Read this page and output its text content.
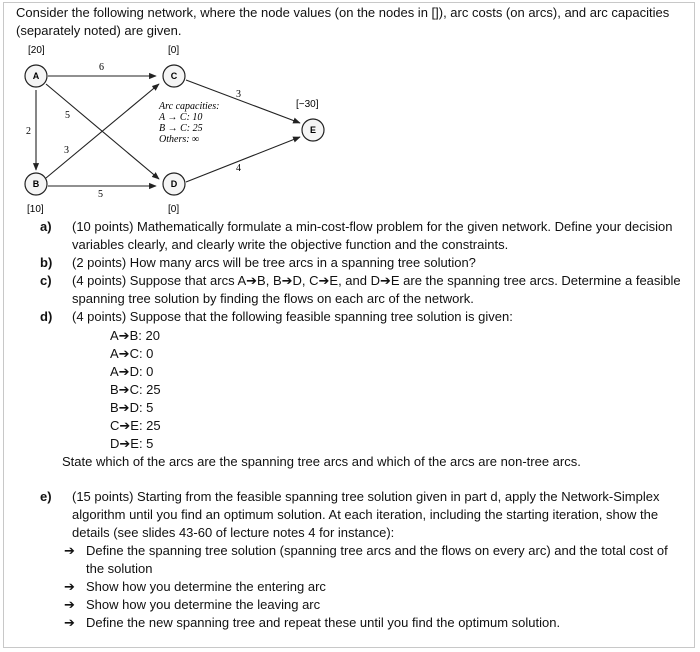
Consider the following network, where the node values (on the nodes in []), arc costs (on arcs), and arc capacities (separately noted) are given.
A
B
C
D
E
[20]
[10]
[0]
[0]
[−30]
6
5
2
3
5
3
4
Arc capacities:
A → C: 10
B → C: 25
Others: ∞
a) (10 points) Mathematically formulate a min-cost-flow problem for the given network. Define your decision variables clearly, and clearly write the objective function and the constraints.
b) (2 points) How many arcs will be tree arcs in a spanning tree solution?
c) (4 points) Suppose that arcs A➔B, B➔D, C➔E, and D➔E are the spanning tree arcs. Determine a feasible spanning tree solution by finding the flows on each arc of the network.
d) (4 points) Suppose that the following feasible spanning tree solution is given:
A➔B: 20
A➔C: 0
A➔D: 0
B➔C: 25
B➔D: 5
C➔E: 25
D➔E: 5
State which of the arcs are the spanning tree arcs and which of the arcs are non-tree arcs.
e) (15 points) Starting from the feasible spanning tree solution given in part d, apply the Network-Simplex algorithm until you find an optimum solution. At each iteration, including the starting iteration, show the details (see slides 43-60 of lecture notes 4 for instance):
➔ Define the spanning tree solution (spanning tree arcs and the flows on every arc) and the total cost of the solution
➔ Show how you determine the entering arc
➔ Show how you determine the leaving arc
➔ Define the new spanning tree and repeat these until you find the optimum solution.
